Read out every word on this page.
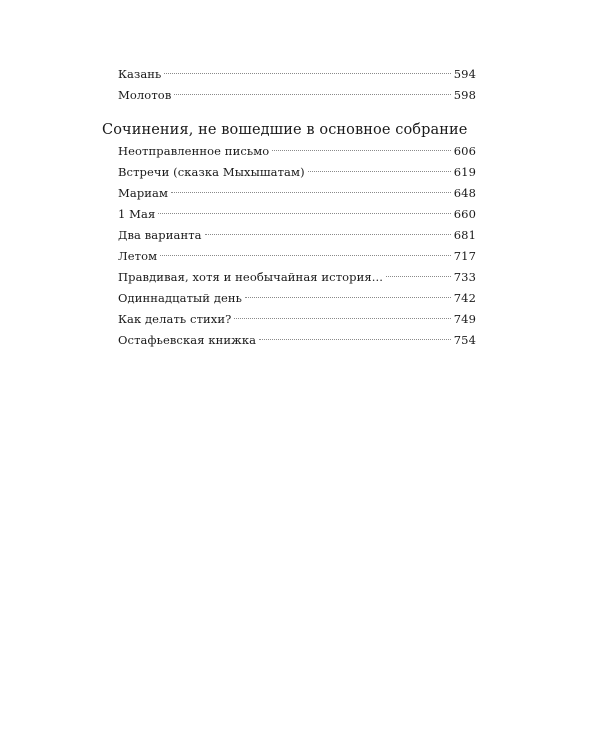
Казань	594
Молотов	598
Сочинения, не вошедшие в основное собрание
Неотправленное письмо	606
Встречи (сказка Мыхышатам)	619
Мариам	648
1 Мая	660
Два варианта	681
Летом	717
Правдивая, хотя и необычайная история...	733
Одиннадцатый день	742
Как делать стихи?	749
Остафьевская книжка	754
